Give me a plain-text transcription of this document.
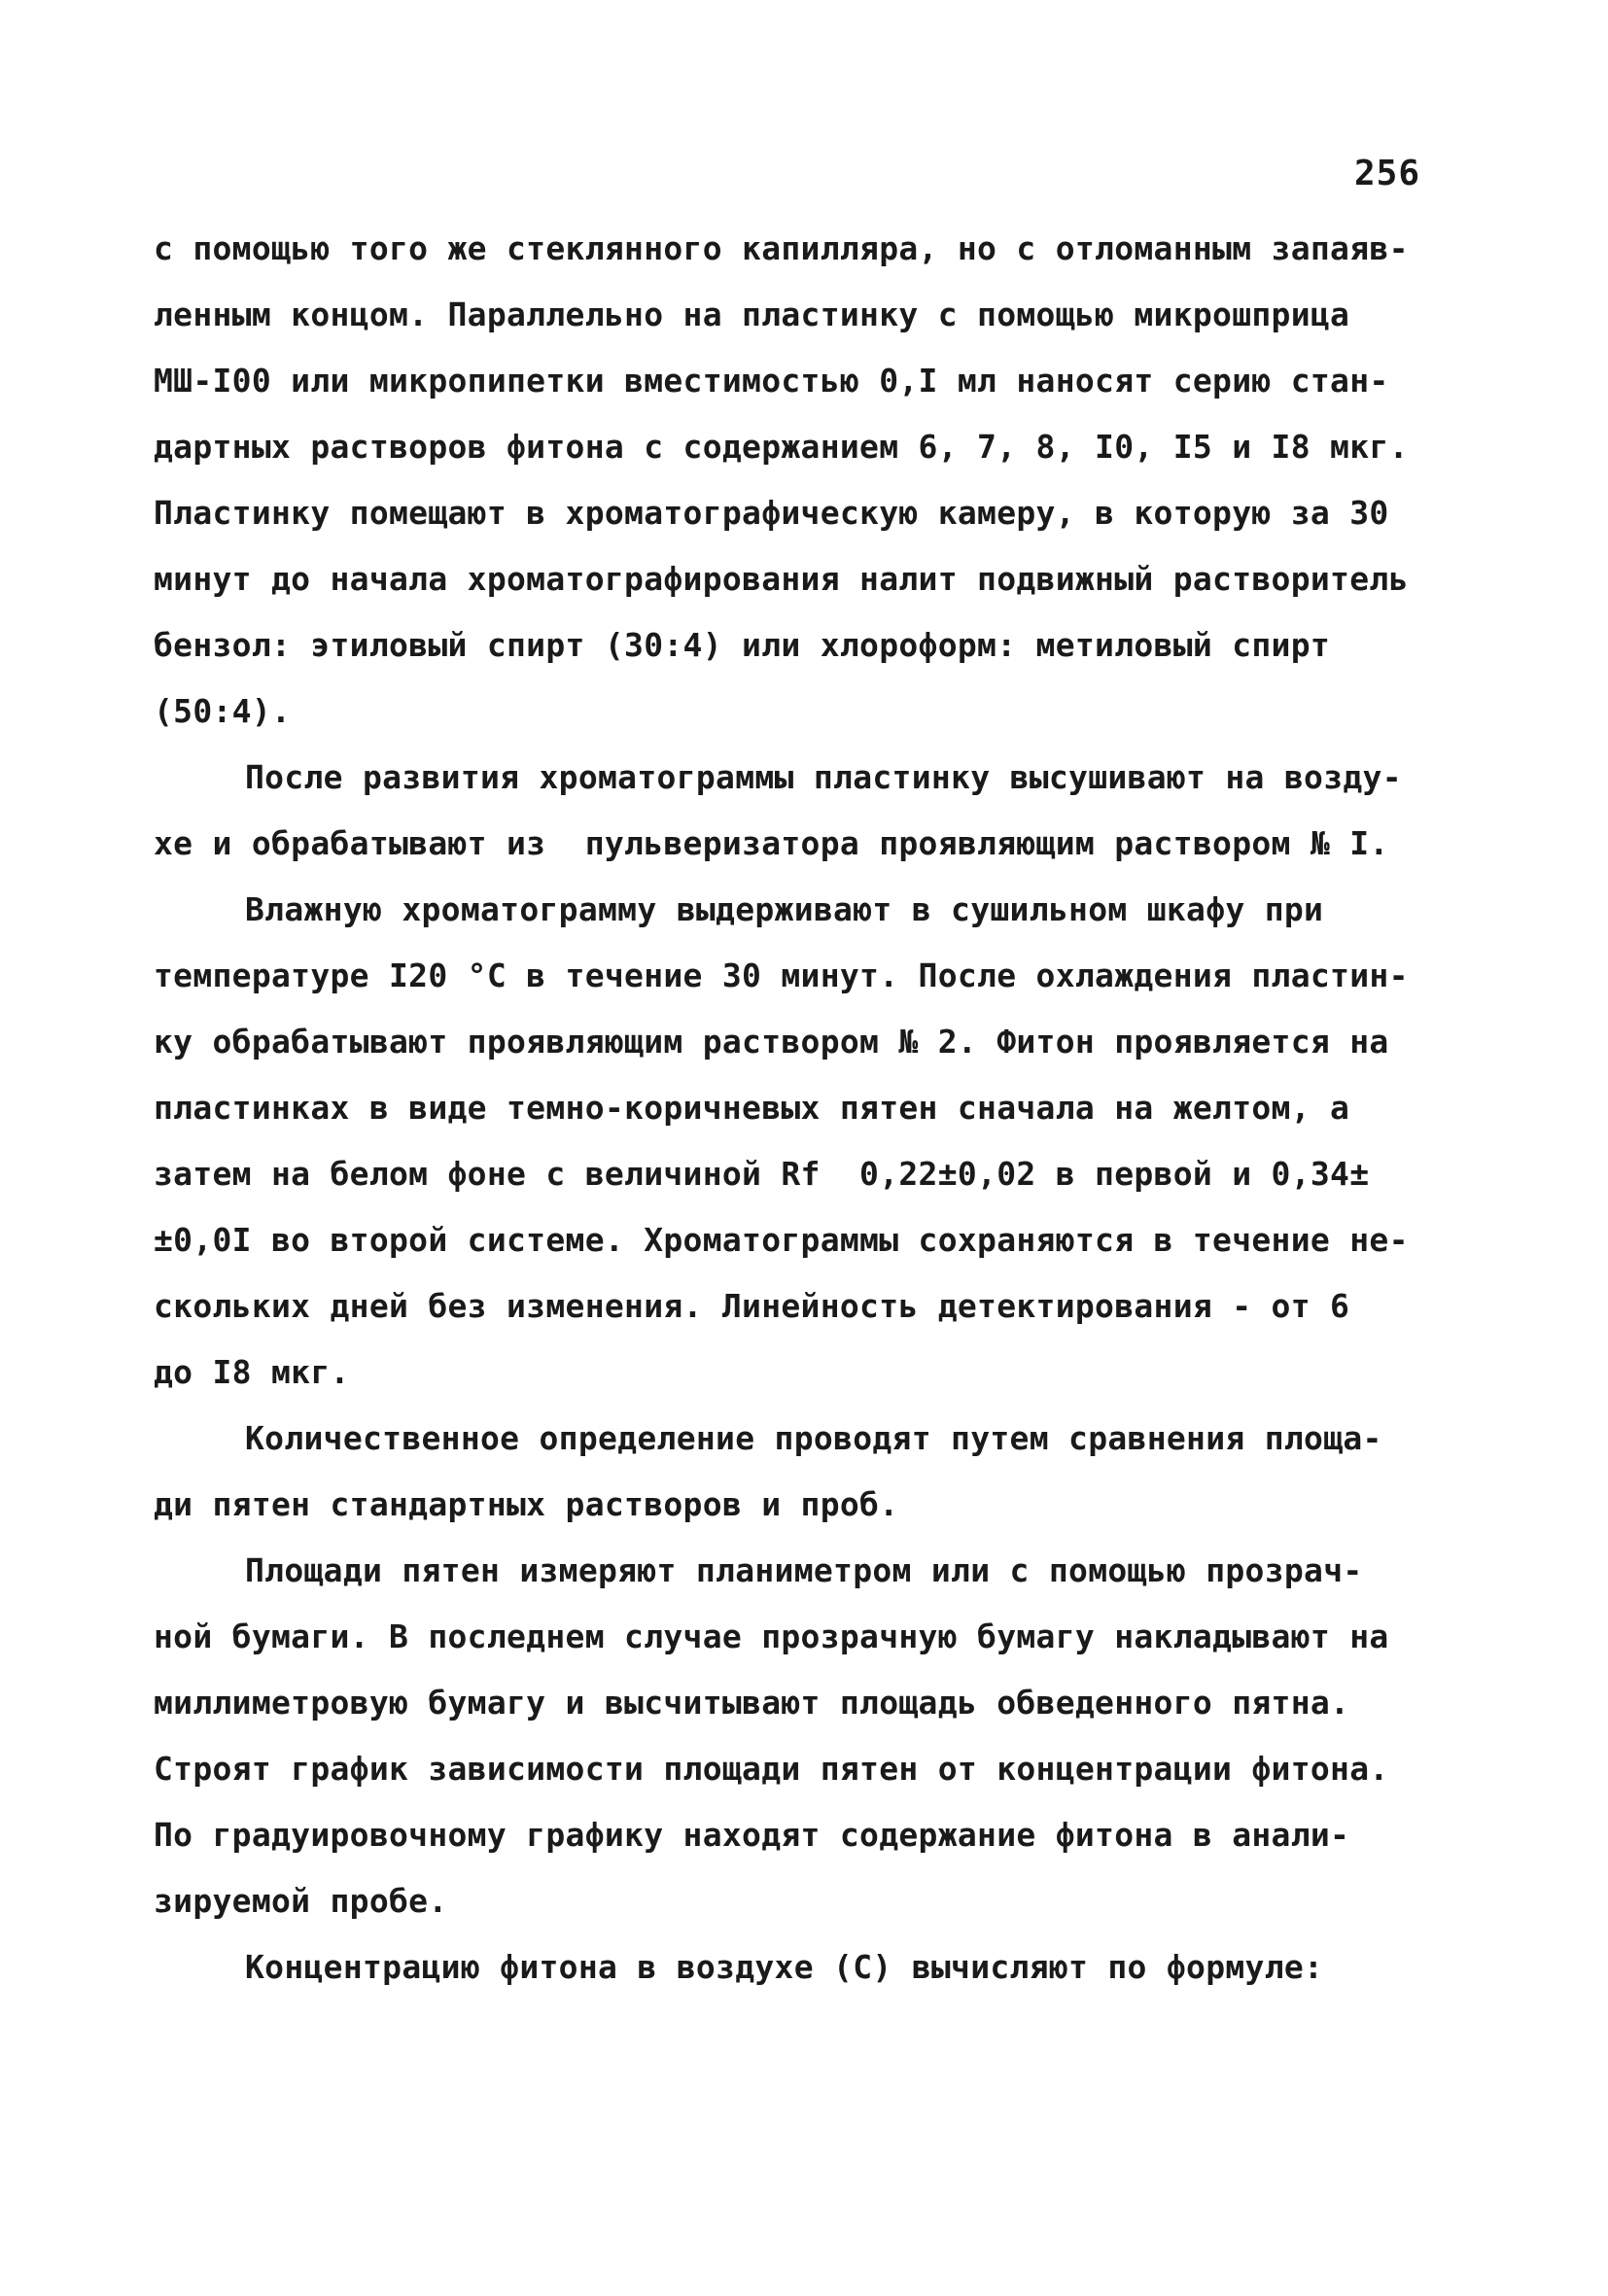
256
с помощью того же стеклянного капилляра, но с отломанным запаяв-
ленным концом. Параллельно на пластинку с помощью микрошприца
МШ-I00 или микропипетки вместимостью 0,I мл наносят серию стан-
дартных растворов фитона с содержанием 6, 7, 8, I0, I5 и I8 мкг.
Пластинку помещают в хроматографическую камеру, в которую за 30
минут до начала хроматографирования налит подвижный растворитель
бензол: этиловый спирт (30:4) или хлороформ: метиловый спирт
(50:4).
После развития хроматограммы пластинку высушивают на возду-
хе и обрабатывают из  пульверизатора проявляющим раствором № I.
Влажную хроматограмму выдерживают в сушильном шкафу при
температуре I20 °С в течение 30 минут. После охлаждения пластин-
ку обрабатывают проявляющим раствором № 2. Фитон проявляется на
пластинках в виде темно-коричневых пятен сначала на желтом, а
затем на белом фоне с величиной Rf  0,22±0,02 в первой и 0,34±
±0,0I во второй системе. Хроматограммы сохраняются в течение не-
скольких дней без изменения. Линейность детектирования - от 6
до I8 мкг.
Количественное определение проводят путем сравнения площа-
ди пятен стандартных растворов и проб.
Площади пятен измеряют планиметром или с помощью прозрач-
ной бумаги. В последнем случае прозрачную бумагу накладывают на
миллиметровую бумагу и высчитывают площадь обведенного пятна.
Строят график зависимости площади пятен от концентрации фитона.
По градуировочному графику находят содержание фитона в анали-
зируемой пробе.
Концентрацию фитона в воздухе (С) вычисляют по формуле:
